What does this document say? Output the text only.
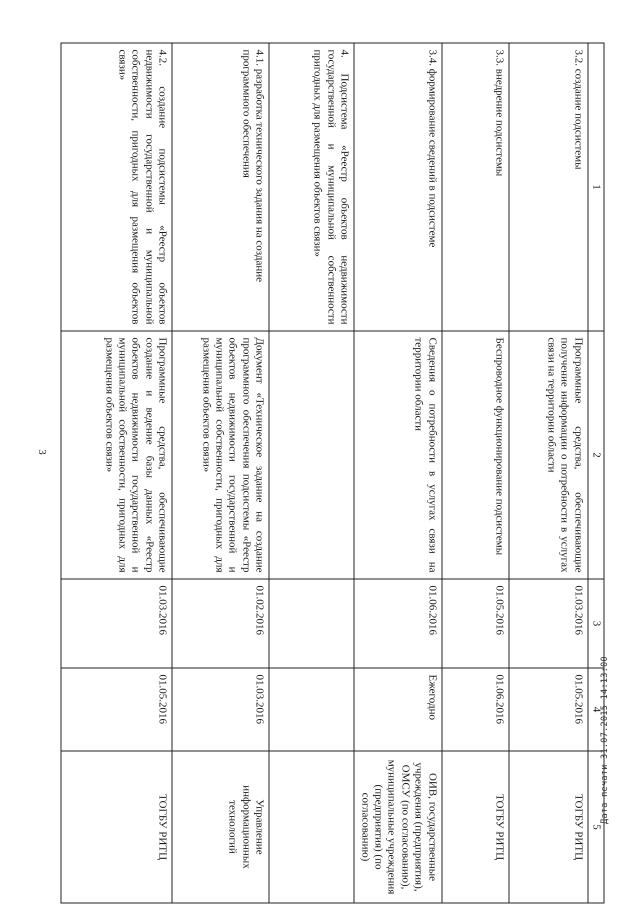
3
1	2	3	4	5
3.2. создание подсистемы	Программные средства, обеспечивающие получение информации о потребности в услугах связи на территории области	01.03.2016	01.05.2016	ТОГБУ РИТЦ
3.3. внедрение подсистемы	Беспроводное функционирование подсистемы	01.05.2016	01.06.2016	ТОГБУ РИТЦ
3.4. формирование сведений в подсистеме	Сведения о потребности в услугах связи на территории области	01.06.2016	Ежегодно	ОИВ, государственные учреждения (предприятия), ОМСУ (по согласованию), муниципальные учреждения (предприятия) (по согласованию)
4. Подсистема «Реестр объектов недвижимости государственной и муниципальной собственности пригодных для размещения объектов связи»				
4.1. разработка технического задания на создание программного обеспечения	Документ «Техническое задание на создание программного обеспечения подсистемы «Реестр объектов недвижимости государственной и муниципальной собственности, пригодных для размещения объектов связи»	01.02.2016	01.03.2016	Управление информационных технологий
4.2. создание подсистемы «Реестр объектов недвижимости государственной и муниципальной собственности, пригодных для размещения объектов связи»	Программные средства, обеспечивающие создание и ведение базы данных «Реестр объектов недвижимости государственной и муниципальной собственности, пригодных для размещения объектов связи»	01.03.2016	01.05.2016	ТОГБУ РИТЦ
Дата печати 31.07.2015 14:13:00
